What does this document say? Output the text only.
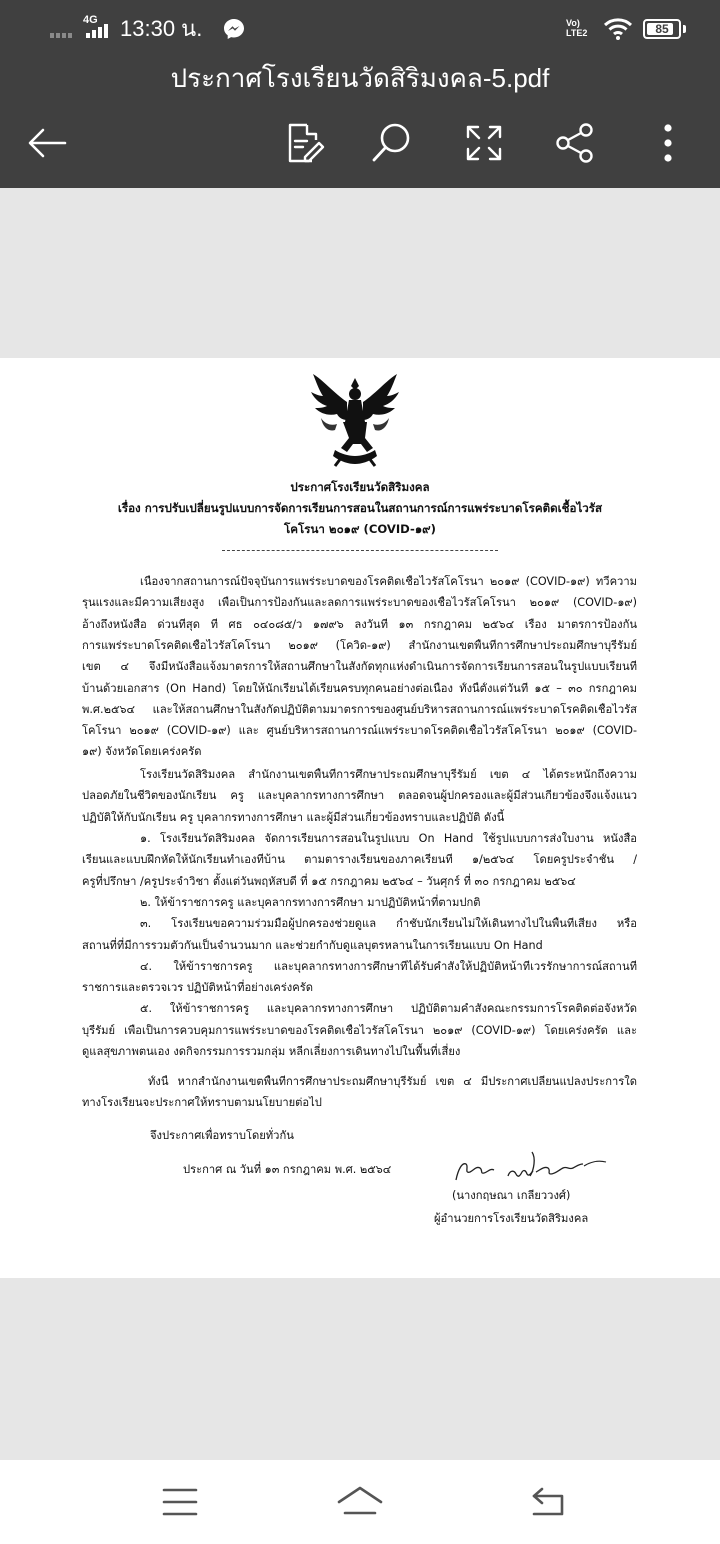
4G 13:30 น.	Vo) LTE2	85
ประกาศโรงเรียนวัดสิริมงคล-5.pdf
ประกาศโรงเรียนวัดสิริมงคล
เรื่อง การปรับเปลี่ยนรูปแบบการจัดการเรียนการสอนในสถานการณ์การแพร่ระบาดโรคติดเชื้อไวรัส
โคโรนา ๒๐๑๙ (COVID-๑๙)
เนื่องจากสถานการณ์ปัจจุบันการแพร่ระบาดของโรคติดเชื้อไวรัสโคโรนา ๒๐๑๙ (COVID-๑๙) ทวีความ
รุนแรงและมีความเสี่ยงสูง เพื่อเป็นการป้องกันและลดการแพร่ระบาดของเชื้อไวรัสโคโรนา ๒๐๑๙ (COVID-๑๙)
อ้างถึงหนังสือ ด่วนที่สุด ที่ ศธ ๐๔๐๘๕/ว ๑๗๙๖ ลงวันที่ ๑๓ กรกฎาคม ๒๕๖๔ เรื่อง มาตรการป้องกัน
การแพร่ระบาดโรคติดเชื้อไวรัสโคโรนา ๒๐๑๙ (โควิด-๑๙) สำนักงานเขตพื้นที่การศึกษาประถมศึกษาบุรีรัมย์
เขต ๔ จึงมีหนังสือแจ้งมาตรการให้สถานศึกษาในสังกัดทุกแห่งดำเนินการจัดการเรียนการสอนในรูปแบบเรียนที่
บ้านด้วยเอกสาร (On Hand) โดยให้นักเรียนได้เรียนครบทุกคนอย่างต่อเนื่อง ทั้งนี้ตั้งแต่วันที่ ๑๕ – ๓๐ กรกฎาคม
พ.ศ.๒๕๖๔ และให้สถานศึกษาในสังกัดปฏิบัติตามมาตรการของศูนย์บริหารสถานการณ์แพร่ระบาดโรคติดเชื้อไวรัส
โคโรนา ๒๐๑๙ (COVID-๑๙) และ ศูนย์บริหารสถานการณ์แพร่ระบาดโรคติดเชื้อไวรัสโคโรนา ๒๐๑๙ (COVID-
๑๙) จังหวัดโดยเคร่งครัด
โรงเรียนวัดสิริมงคล สำนักงานเขตพื้นที่การศึกษาประถมศึกษาบุรีรัมย์ เขต ๔ ได้ตระหนักถึงความ
ปลอดภัยในชีวิตของนักเรียน ครู และบุคลากรทางการศึกษา ตลอดจนผู้ปกครองและผู้มีส่วนเกี่ยวข้องจึงแจ้งแนว
ปฏิบัติให้กับนักเรียน ครู บุคลากรทางการศึกษา และผู้มีส่วนเกี่ยวข้องทราบและปฏิบัติ ดังนี้
๑. โรงเรียนวัดสิริมงคล จัดการเรียนการสอนในรูปแบบ On Hand ใช้รูปแบบการส่งใบงาน หนังสือ
เรียนและแบบฝึกหัดให้นักเรียนทำเองที่บ้าน ตามตารางเรียนของภาคเรียนที่ ๑/๒๕๖๔ โดยครูประจำชั้น /
ครูที่ปรึกษา /ครูประจำวิชา ตั้งแต่วันพฤหัสบดี ที่ ๑๕ กรกฎาคม ๒๕๖๔ – วันศุกร์ ที่ ๓๐ กรกฎาคม ๒๕๖๔
๒. ให้ข้าราชการครู และบุคลากรทางการศึกษา มาปฏิบัติหน้าที่ตามปกติ
๓. โรงเรียนขอความร่วมมือผู้ปกครองช่วยดูแล กำชับนักเรียนไม่ให้เดินทางไปในพื้นที่เสี่ยง หรือ
สถานที่ที่มีการรวมตัวกันเป็นจำนวนมาก และช่วยกำกับดูแลบุตรหลานในการเรียนแบบ On Hand
๔. ให้ข้าราชการครู และบุคลากรทางการศึกษาที่ได้รับคำสั่งให้ปฏิบัติหน้าที่เวรรักษาการณ์สถานที่
ราชการและตรวจเวร ปฏิบัติหน้าที่อย่างเคร่งครัด
๕. ให้ข้าราชการครู และบุคลากรทางการศึกษา ปฏิบัติตามคำสั่งคณะกรรมการโรคติดต่อจังหวัด
บุรีรัมย์ เพื่อเป็นการควบคุมการแพร่ระบาดของโรคติดเชื้อไวรัสโคโรนา ๒๐๑๙ (COVID-๑๙) โดยเคร่งครัด และ
ดูแลสุขภาพตนเอง งดกิจกรรมการรวมกลุ่ม หลีกเลี่ยงการเดินทางไปในพื้นที่เสี่ยง
ทั้งนี้ หากสำนักงานเขตพื้นที่การศึกษาประถมศึกษาบุรีรัมย์ เขต ๔ มีประกาศเปลี่ยนแปลงประการใด
ทางโรงเรียนจะประกาศให้ทราบตามนโยบายต่อไป
จึงประกาศเพื่อทราบโดยทั่วกัน
ประกาศ ณ วันที่ ๑๓ กรกฎาคม พ.ศ. ๒๕๖๔
(นางกฤษณา เกลียววงศ์)
ผู้อำนวยการโรงเรียนวัดสิริมงคล
